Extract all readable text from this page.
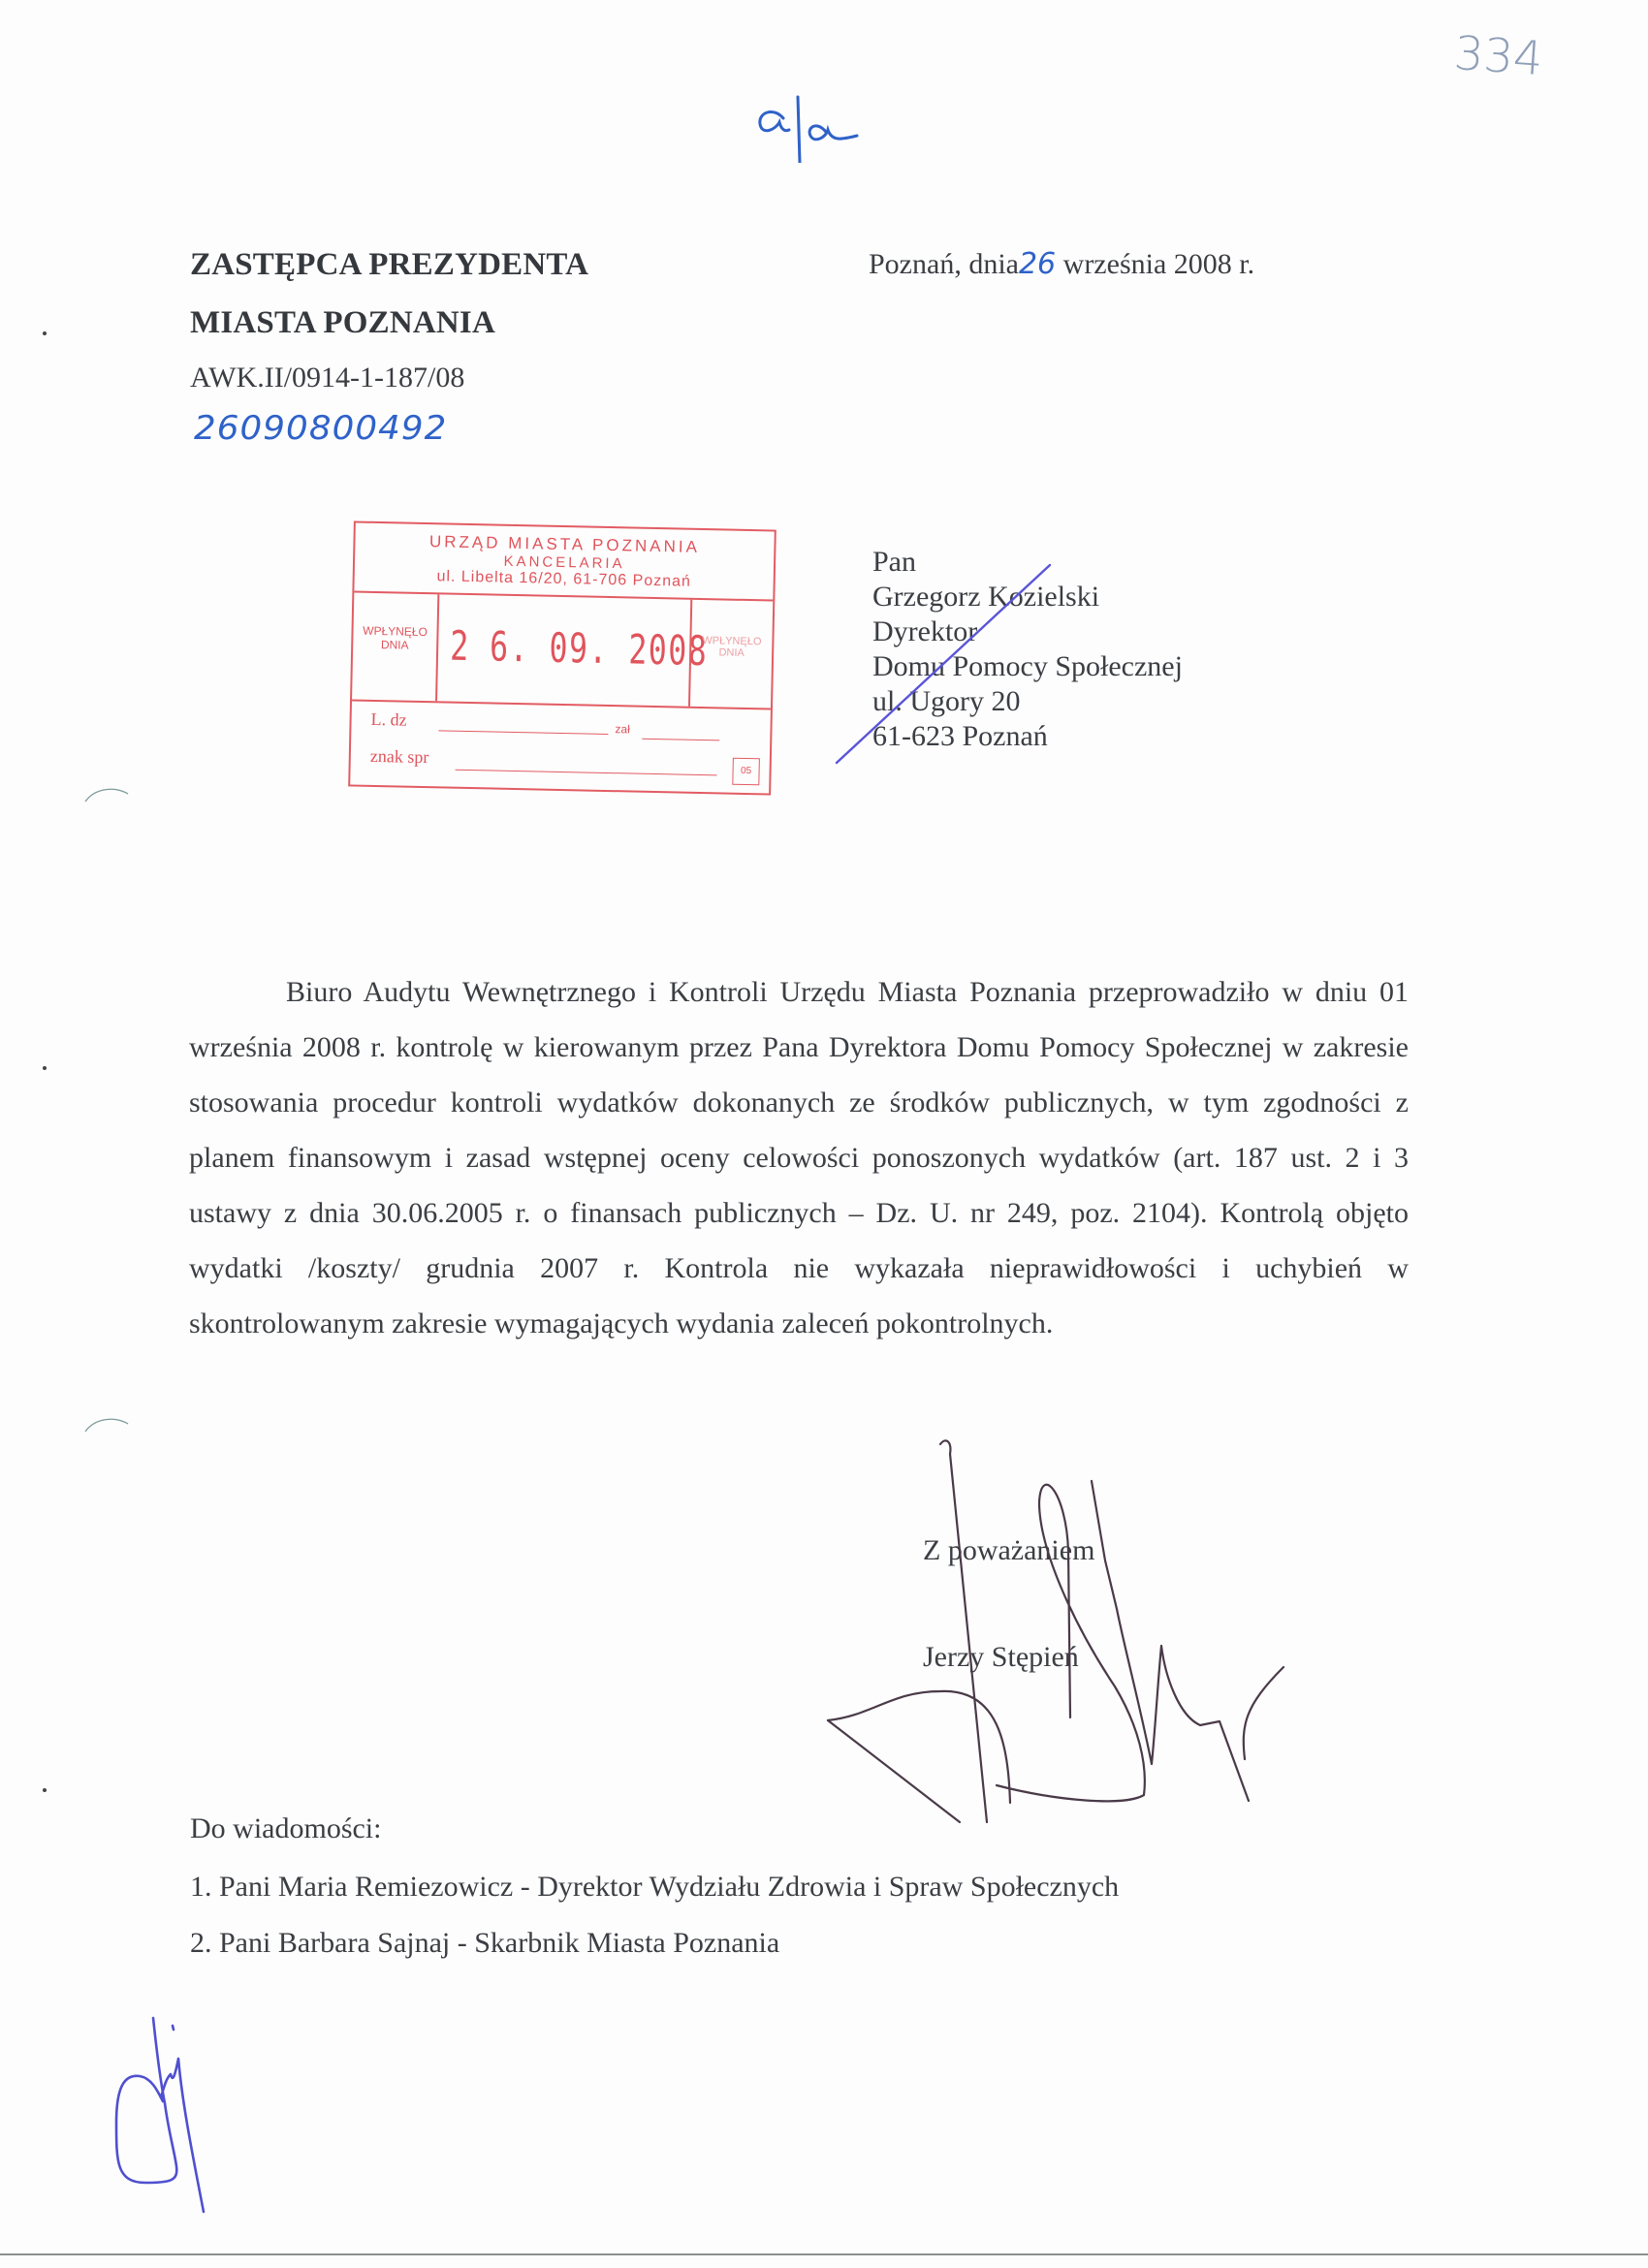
334
ZASTĘPCA PREZYDENTA
MIASTA POZNANIA
AWK.II/0914-1-187/08
26090800492
Poznań, dnia26 września 2008 r.
URZĄD MIASTA POZNANIA
KANCELARIA
ul. Libelta 16/20, 61-706 Poznań
WPŁYNĘŁO
DNIA	2 6. 09. 2008
WPŁYNĘŁO
DNIA
L. dz	zał
znak spr
05
Pan
Grzegorz Kozielski
Dyrektor
Domu Pomocy Społecznej
ul. Ugory 20
61-623 Poznań

Biuro Audytu Wewnętrznego i Kontroli Urzędu Miasta Poznania przeprowadziło w dniu 01 września 2008 r. kontrolę w kierowanym przez Pana Dyrektora Domu Pomocy Społecznej w zakresie stosowania procedur kontroli wydatków dokonanych ze środków publicznych, w tym zgodności z planem finansowym i zasad wstępnej oceny celowości ponoszonych wydatków (art. 187 ust. 2 i 3 ustawy z dnia 30.06.2005 r. o finansach publicznych – Dz. U. nr 249, poz. 2104). Kontrolą objęto wydatki /koszty/ grudnia 2007 r. Kontrola nie wykazała nieprawidłowości i uchybień w skontrolowanym zakresie wymagających wydania zaleceń pokontrolnych.

Z poważaniem
Jerzy Stępień
Do wiadomości:
1. Pani Maria Remiezowicz - Dyrektor Wydziału Zdrowia i Spraw Społecznych
2. Pani Barbara Sajnaj - Skarbnik Miasta Poznania
